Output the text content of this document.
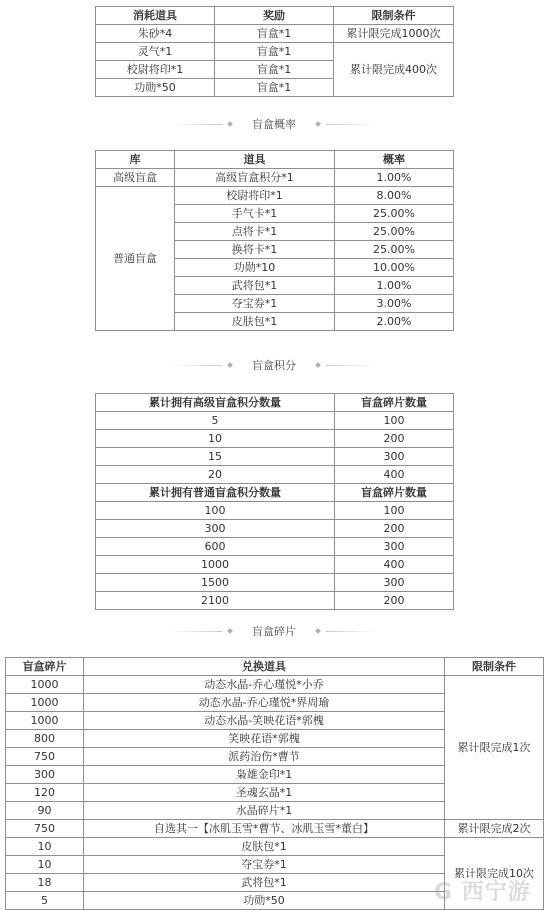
消耗道具	奖励	限制条件
朱砂*4	盲盒*1	累计限完成1000次
灵气*1	盲盒*1	累计限完成400次
校尉将印*1	盲盒*1	
功勋*50	盲盒*1	
盲盒概率
库	道具	概率
高级盲盒	高级盲盒积分*1	1.00%
普通盲盒	校尉将印*1	8.00%
	手气卡*1	25.00%
	点将卡*1	25.00%
	换将卡*1	25.00%
	功勋*10	10.00%
	武将包*1	1.00%
	夺宝券*1	3.00%
	皮肤包*1	2.00%
盲盒积分
累计拥有高级盲盒积分数量	盲盒碎片数量
5	100
10	200
15	300
20	400
累计拥有普通盲盒积分数量	盲盒碎片数量
100	100
300	200
600	300
1000	400
1500	300
2100	200
盲盒碎片
盲盒碎片	兑换道具	限制条件
1000	动态水晶-乔心瑾悦*小乔	累计限完成1次
1000	动态水晶-乔心瑾悦*界周瑜	
1000	动态水晶-笑映花语*郭槐	
800	笑映花语*郭槐	
750	派药治伤*曹节	
300	枭雄金印*1	
120	圣魂玄晶*1	
90	水晶碎片*1	
750	自选其一【冰肌玉雪*曹节、冰肌玉雪*董白】	累计限完成2次
10	皮肤包*1	累计限完成10次
10	夺宝券*1	
18	武将包*1	
5	功勋*50		G 西宁游
